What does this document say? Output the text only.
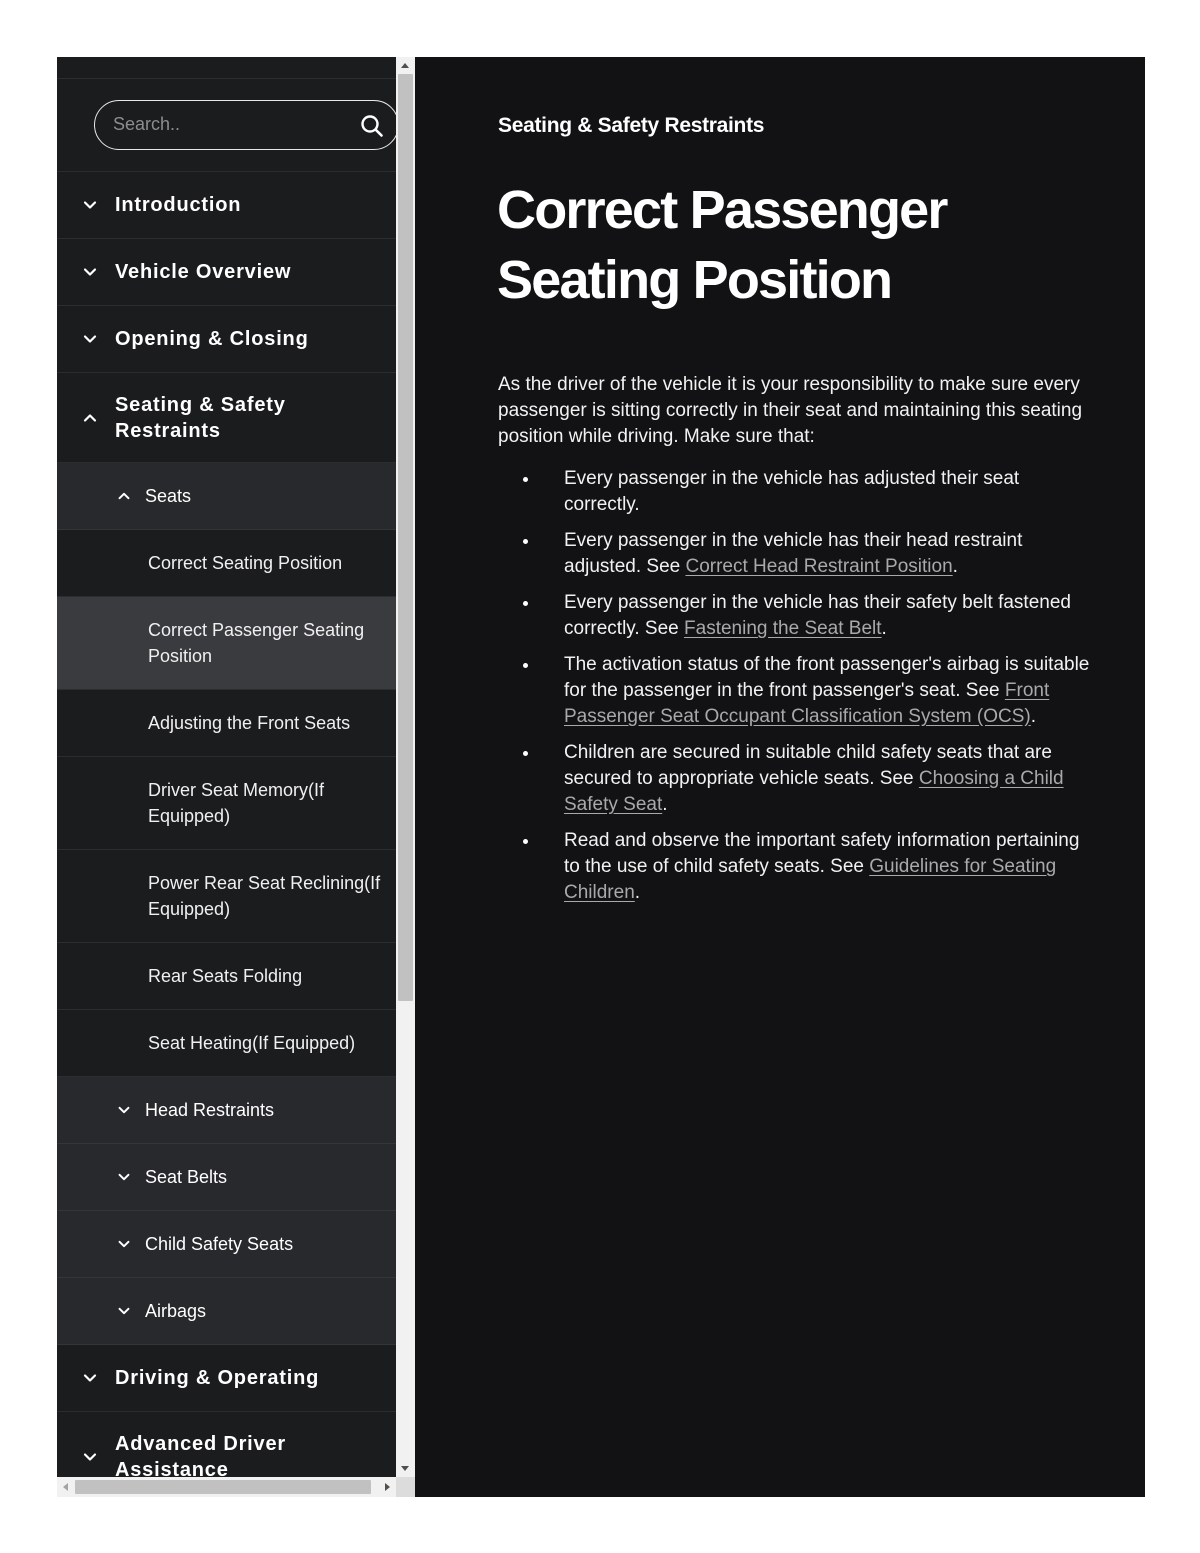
Search..
Introduction
Vehicle Overview
Opening & Closing
Seating & Safety Restraints
Seats
Correct Seating Position
Correct Passenger Seating Position
Adjusting the Front Seats
Driver Seat Memory(If Equipped)
Power Rear Seat Reclining(If Equipped)
Rear Seats Folding
Seat Heating(If Equipped)
Head Restraints
Seat Belts
Child Safety Seats
Airbags
Driving & Operating
Advanced Driver Assistance
Seating & Safety Restraints
Correct Passenger Seating Position

As the driver of the vehicle it is your responsibility to make sure every passenger is sitting correctly in their seat and maintaining this seating position while driving. Make sure that:

Every passenger in the vehicle has adjusted their seat correctly.
Every passenger in the vehicle has their head restraint adjusted. See Correct Head Restraint Position.
Every passenger in the vehicle has their safety belt fastened correctly. See Fastening the Seat Belt.
The activation status of the front passenger's airbag is suitable for the passenger in the front passenger's seat. See Front Passenger Seat Occupant Classification System (OCS).
Children are secured in suitable child safety seats that are secured to appropriate vehicle seats. See Choosing a Child Safety Seat.
Read and observe the important safety information pertaining to the use of child safety seats. See Guidelines for Seating Children.
